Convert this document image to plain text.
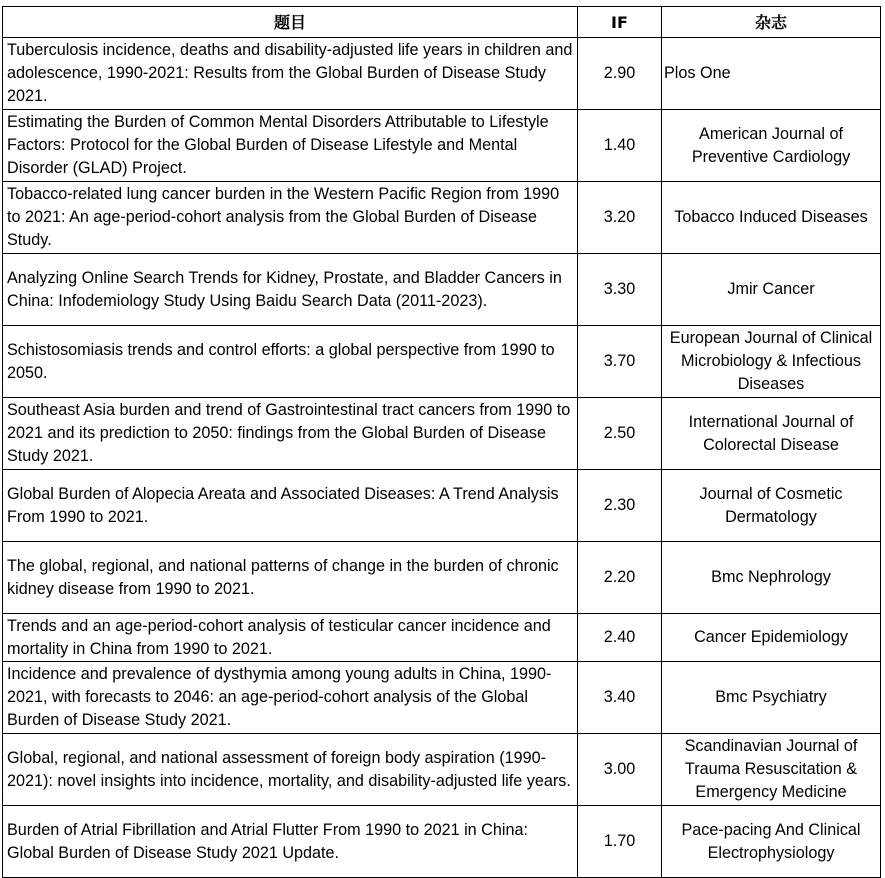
题目	IF	杂志
Tuberculosis incidence, deaths and disability-adjusted life years in children and adolescence, 1990-2021: Results from the Global Burden of Disease Study 2021.	2.90	Plos One
Estimating the Burden of Common Mental Disorders Attributable to Lifestyle Factors: Protocol for the Global Burden of Disease Lifestyle and Mental Disorder (GLAD) Project.	1.40	American Journal of Preventive Cardiology
Tobacco-related lung cancer burden in the Western Pacific Region from 1990 to 2021: An age-period-cohort analysis from the Global Burden of Disease Study.	3.20	Tobacco Induced Diseases
Analyzing Online Search Trends for Kidney, Prostate, and Bladder Cancers in China: Infodemiology Study Using Baidu Search Data (2011-2023).	3.30	Jmir Cancer
Schistosomiasis trends and control efforts: a global perspective from 1990 to 2050.	3.70	European Journal of Clinical Microbiology & Infectious Diseases
Southeast Asia burden and trend of Gastrointestinal tract cancers from 1990 to 2021 and its prediction to 2050: findings from the Global Burden of Disease Study 2021.	2.50	International Journal of Colorectal Disease
Global Burden of Alopecia Areata and Associated Diseases: A Trend Analysis From 1990 to 2021.	2.30	Journal of Cosmetic Dermatology
The global, regional, and national patterns of change in the burden of chronic kidney disease from 1990 to 2021.	2.20	Bmc Nephrology
Trends and an age-period-cohort analysis of testicular cancer incidence and mortality in China from 1990 to 2021.	2.40	Cancer Epidemiology
Incidence and prevalence of dysthymia among young adults in China, 1990-2021, with forecasts to 2046: an age-period-cohort analysis of the Global Burden of Disease Study 2021.	3.40	Bmc Psychiatry
Global, regional, and national assessment of foreign body aspiration (1990-2021): novel insights into incidence, mortality, and disability-adjusted life years.	3.00	Scandinavian Journal of Trauma Resuscitation & Emergency Medicine
Burden of Atrial Fibrillation and Atrial Flutter From 1990 to 2021 in China: Global Burden of Disease Study 2021 Update.	1.70	Pace-pacing And Clinical Electrophysiology
